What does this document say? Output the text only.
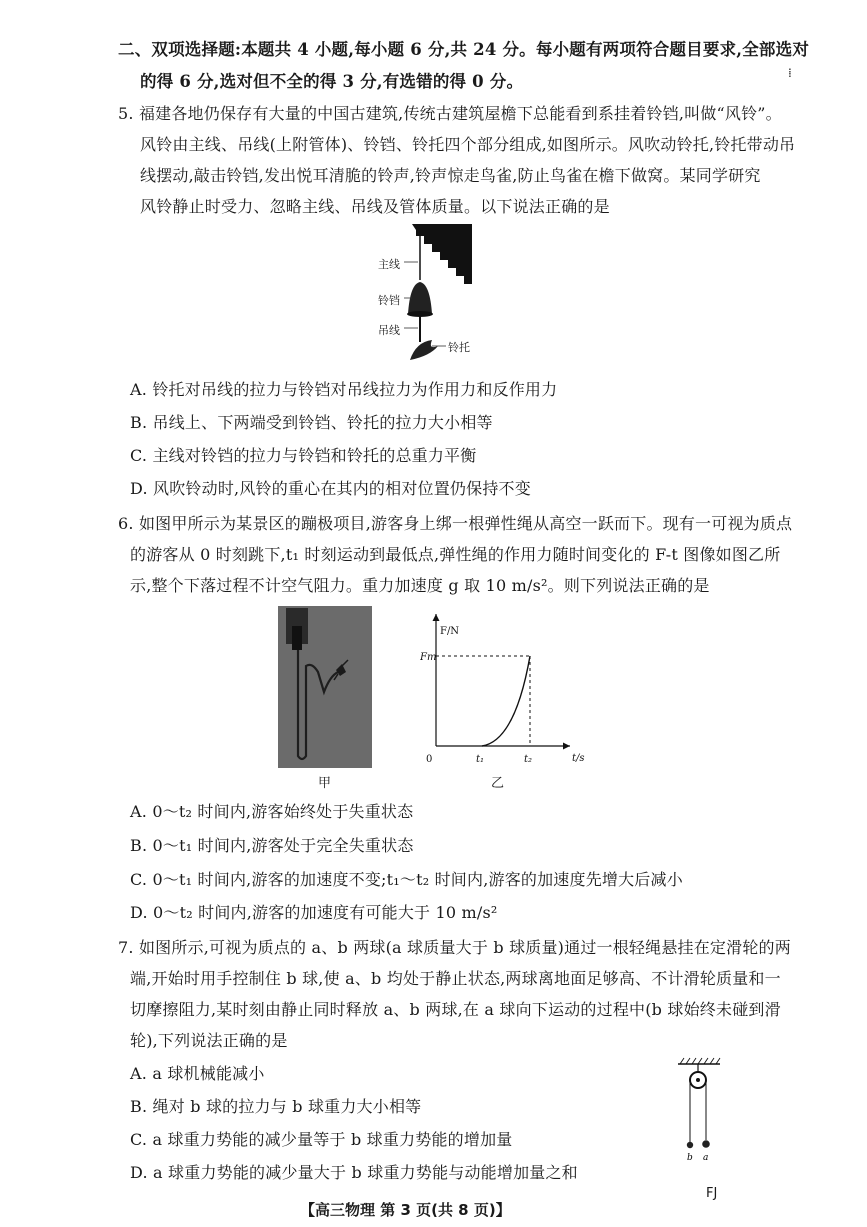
二、双项选择题:本题共 4 小题,每小题 6 分,共 24 分。每小题有两项符合题目要求,全部选对
的得 6 分,选对但不全的得 3 分,有选错的得 0 分。	⁞
5. 福建各地仍保存有大量的中国古建筑,传统古建筑屋檐下总能看到系挂着铃铛,叫做“风铃”。
风铃由主线、吊线(上附管体)、铃铛、铃托四个部分组成,如图所示。风吹动铃托,铃托带动吊
线摆动,敲击铃铛,发出悦耳清脆的铃声,铃声惊走鸟雀,防止鸟雀在檐下做窝。某同学研究
风铃静止时受力、忽略主线、吊线及管体质量。以下说法正确的是
主线
铃铛
吊线
铃托
A. 铃托对吊线的拉力与铃铛对吊线拉力为作用力和反作用力
B. 吊线上、下两端受到铃铛、铃托的拉力大小相等
C. 主线对铃铛的拉力与铃铛和铃托的总重力平衡
D. 风吹铃动时,风铃的重心在其内的相对位置仍保持不变
6. 如图甲所示为某景区的蹦极项目,游客身上绑一根弹性绳从高空一跃而下。现有一可视为质点
的游客从 0 时刻跳下,t₁ 时刻运动到最低点,弹性绳的作用力随时间变化的 F-t 图像如图乙所
示,整个下落过程不计空气阻力。重力加速度 g 取 10 m/s²。则下列说法正确的是
甲
F/N
t/s
0
Fm
t₁	t₂
乙
A. 0～t₂ 时间内,游客始终处于失重状态
B. 0～t₁ 时间内,游客处于完全失重状态
C. 0～t₁ 时间内,游客的加速度不变;t₁～t₂ 时间内,游客的加速度先增大后减小
D. 0～t₂ 时间内,游客的加速度有可能大于 10 m/s²
7. 如图所示,可视为质点的 a、b 两球(a 球质量大于 b 球质量)通过一根轻绳悬挂在定滑轮的两
端,开始时用手控制住 b 球,使 a、b 均处于静止状态,两球离地面足够高、不计滑轮质量和一
切摩擦阻力,某时刻由静止同时释放 a、b 两球,在 a 球向下运动的过程中(b 球始终未碰到滑
轮),下列说法正确的是
b a
A. a 球机械能减小
B. 绳对 b 球的拉力与 b 球重力大小相等
C. a 球重力势能的减少量等于 b 球重力势能的增加量
D. a 球重力势能的减少量大于 b 球重力势能与动能增加量之和
【高三物理 第 3 页(共 8 页)】
FJ
